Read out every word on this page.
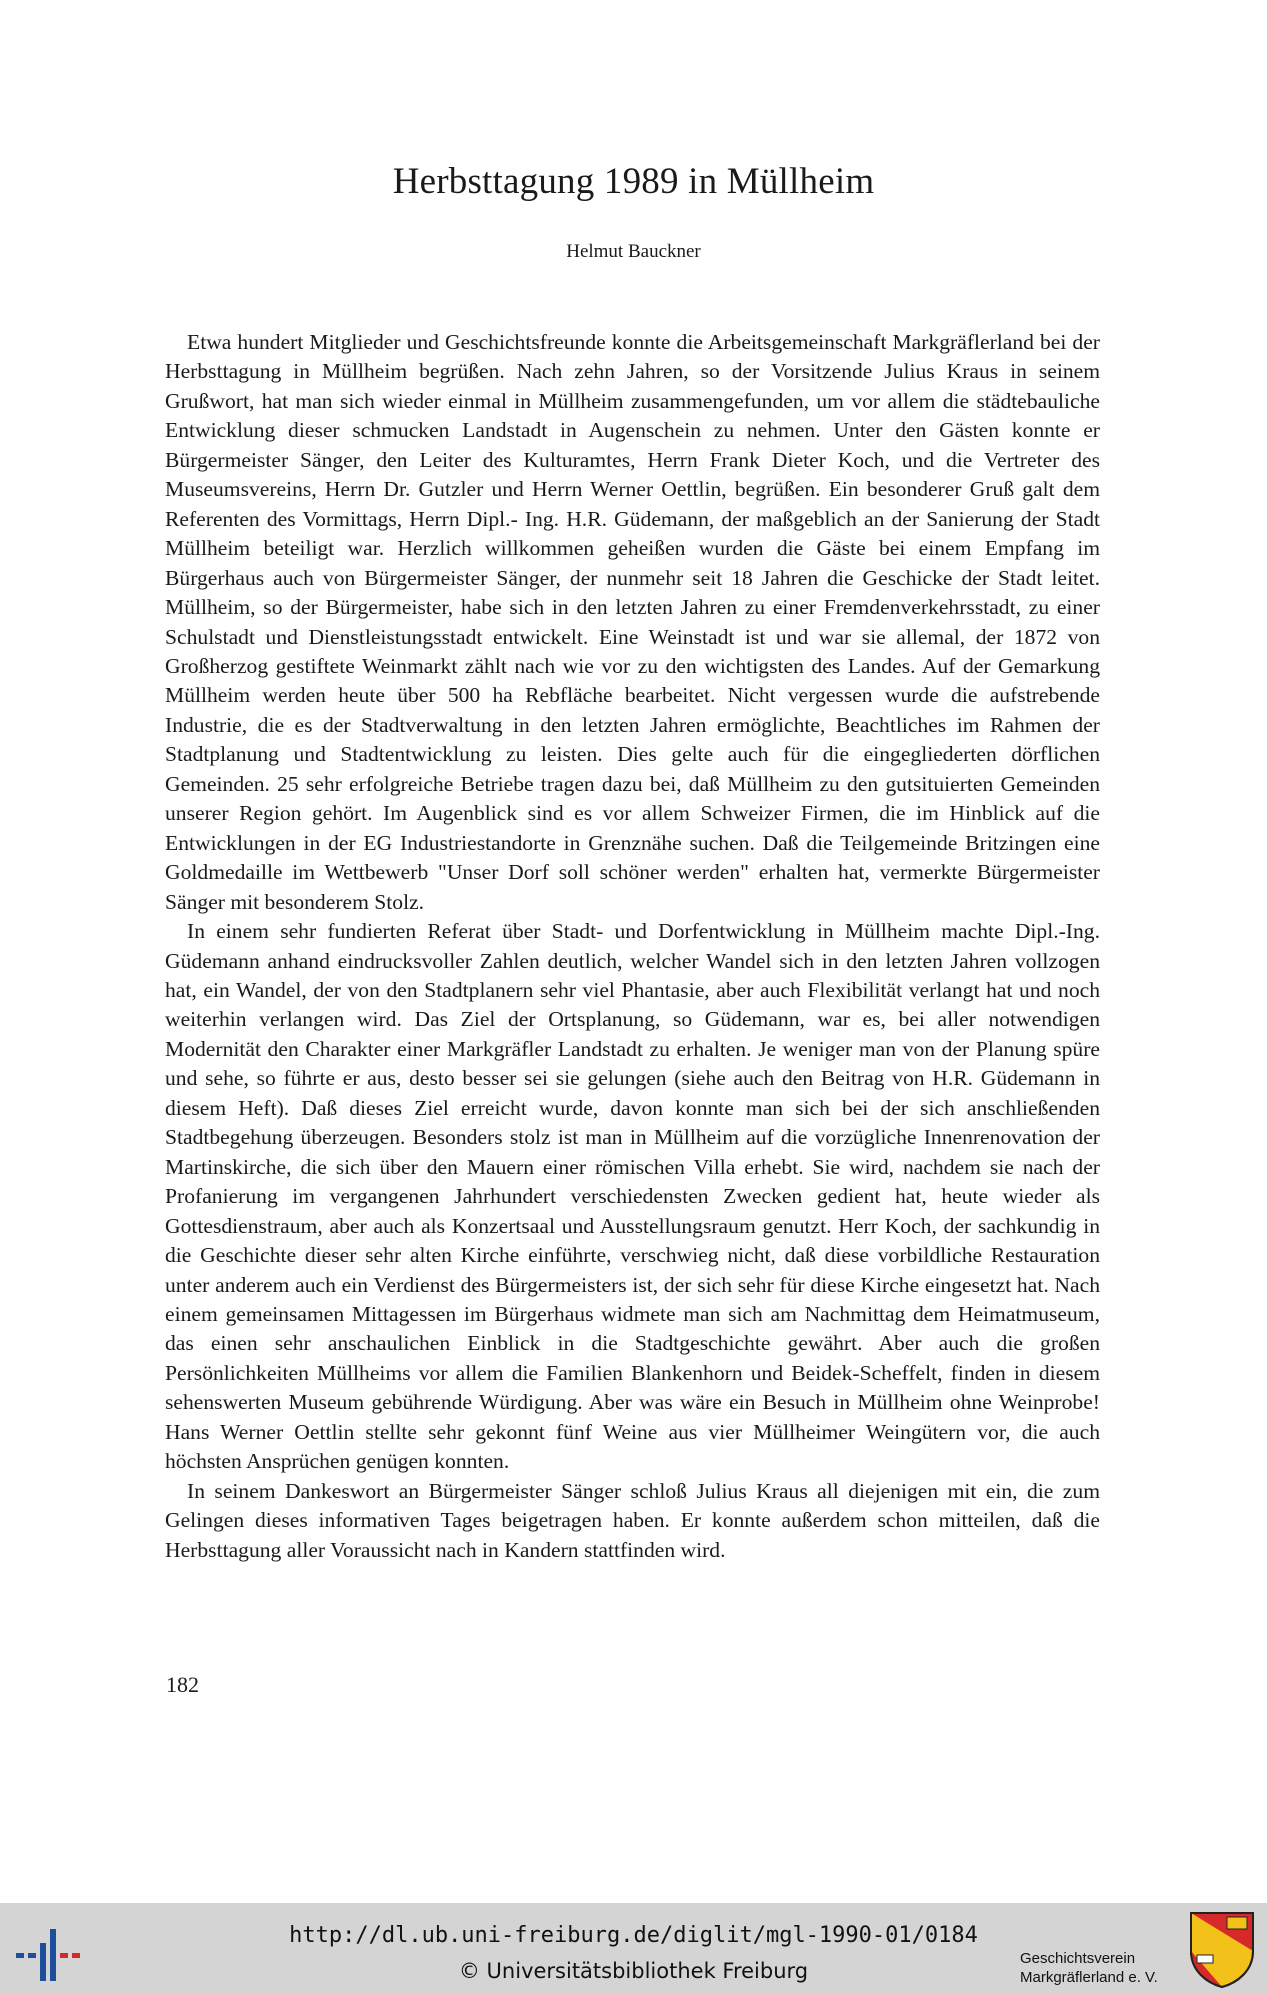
Herbsttagung 1989 in Müllheim

Helmut Bauckner

Etwa hundert Mitglieder und Geschichtsfreunde konnte die Arbeitsgemeinschaft Markgräflerland bei der Herbsttagung in Müllheim begrüßen. Nach zehn Jahren, so der Vorsitzende Julius Kraus in seinem Grußwort, hat man sich wieder einmal in Müllheim zusammengefunden, um vor allem die städtebauliche Entwicklung dieser schmucken Landstadt in Augenschein zu nehmen. Unter den Gästen konnte er Bürgermeister Sänger, den Leiter des Kulturamtes, Herrn Frank Dieter Koch, und die Vertreter des Museumsvereins, Herrn Dr. Gutzler und Herrn Werner Oettlin, begrüßen. Ein besonderer Gruß galt dem Referenten des Vormittags, Herrn Dipl.- Ing. H.R. Güdemann, der maßgeblich an der Sanierung der Stadt Müllheim beteiligt war. Herzlich willkommen geheißen wurden die Gäste bei einem Empfang im Bürgerhaus auch von Bürgermeister Sänger, der nunmehr seit 18 Jahren die Geschicke der Stadt leitet. Müllheim, so der Bürgermeister, habe sich in den letzten Jahren zu einer Fremdenverkehrsstadt, zu einer Schulstadt und Dienstleistungsstadt entwickelt. Eine Weinstadt ist und war sie allemal, der 1872 von Großherzog gestiftete Weinmarkt zählt nach wie vor zu den wichtigsten des Landes. Auf der Gemarkung Müllheim werden heute über 500 ha Rebfläche bearbeitet. Nicht vergessen wurde die aufstrebende Industrie, die es der Stadtverwaltung in den letzten Jahren ermöglichte, Beachtliches im Rahmen der Stadtplanung und Stadtentwicklung zu leisten. Dies gelte auch für die eingegliederten dörflichen Gemeinden. 25 sehr erfolgreiche Betriebe tragen dazu bei, daß Müllheim zu den gutsituierten Gemeinden unserer Region gehört. Im Augenblick sind es vor allem Schweizer Firmen, die im Hinblick auf die Entwicklungen in der EG Industriestandorte in Grenznähe suchen. Daß die Teilgemeinde Britzingen eine Goldmedaille im Wettbewerb "Unser Dorf soll schöner werden" erhalten hat, vermerkte Bürgermeister Sänger mit besonderem Stolz.

In einem sehr fundierten Referat über Stadt- und Dorfentwicklung in Müllheim machte Dipl.-Ing. Güdemann anhand eindrucksvoller Zahlen deutlich, welcher Wandel sich in den letzten Jahren vollzogen hat, ein Wandel, der von den Stadtplanern sehr viel Phantasie, aber auch Flexibilität verlangt hat und noch weiterhin verlangen wird. Das Ziel der Ortsplanung, so Güdemann, war es, bei aller notwendigen Modernität den Charakter einer Markgräfler Landstadt zu erhalten. Je weniger man von der Planung spüre und sehe, so führte er aus, desto besser sei sie gelungen (siehe auch den Beitrag von H.R. Güdemann in diesem Heft). Daß dieses Ziel erreicht wurde, davon konnte man sich bei der sich anschließenden Stadtbegehung überzeugen. Besonders stolz ist man in Müllheim auf die vorzügliche Innenrenovation der Martinskirche, die sich über den Mauern einer römischen Villa erhebt. Sie wird, nachdem sie nach der Profanierung im vergangenen Jahrhundert verschiedensten Zwecken gedient hat, heute wieder als Gottesdienstraum, aber auch als Konzertsaal und Ausstellungsraum genutzt. Herr Koch, der sachkundig in die Geschichte dieser sehr alten Kirche einführte, verschwieg nicht, daß diese vorbildliche Restauration unter anderem auch ein Verdienst des Bürgermeisters ist, der sich sehr für diese Kirche eingesetzt hat. Nach einem gemeinsamen Mittagessen im Bürgerhaus widmete man sich am Nachmittag dem Heimatmuseum, das einen sehr anschaulichen Einblick in die Stadtgeschichte gewährt. Aber auch die großen Persönlichkeiten Müllheims vor allem die Familien Blankenhorn und Beidek-Scheffelt, finden in diesem sehenswerten Museum gebührende Würdigung. Aber was wäre ein Besuch in Müllheim ohne Weinprobe! Hans Werner Oettlin stellte sehr gekonnt fünf Weine aus vier Müllheimer Weingütern vor, die auch höchsten Ansprüchen genügen konnten.

In seinem Dankeswort an Bürgermeister Sänger schloß Julius Kraus all diejenigen mit ein, die zum Gelingen dieses informativen Tages beigetragen haben. Er konnte außerdem schon mitteilen, daß die Herbsttagung aller Voraussicht nach in Kandern stattfinden wird.

182

http://dl.ub.uni-freiburg.de/diglit/mgl-1990-01/0184
© Universitätsbibliothek Freiburg
Geschichtsverein
Markgräflerland e. V.
